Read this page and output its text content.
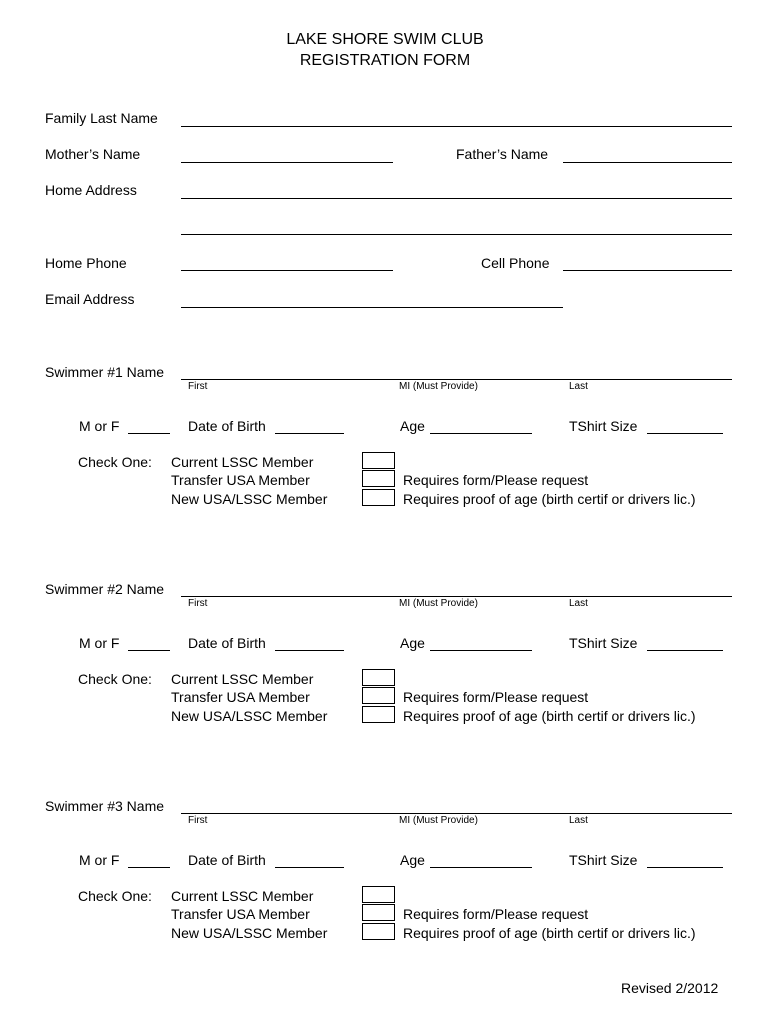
LAKE SHORE SWIM CLUB
REGISTRATION FORM
Family Last Name
Mother’s Name	Father’s Name
Home Address
Home Phone	Cell Phone
Email Address
Swimmer #1 Name
First	MI (Must Provide)	Last
M or F	Date of Birth	Age	TShirt Size
Check One: Current LSSC Member
Transfer USA Member
New USA/LSSC Member
Requires form/Please request
Requires proof of age (birth certif or drivers lic.)
Swimmer #2 Name
First	MI (Must Provide)	Last
M or F	Date of Birth	Age	TShirt Size
Check One: Current LSSC Member
Transfer USA Member
New USA/LSSC Member
Requires form/Please request
Requires proof of age (birth certif or drivers lic.)
Swimmer #3 Name
First	MI (Must Provide)	Last
M or F	Date of Birth	Age	TShirt Size
Check One: Current LSSC Member
Transfer USA Member
New USA/LSSC Member
Requires form/Please request
Requires proof of age (birth certif or drivers lic.)
Revised 2/2012
